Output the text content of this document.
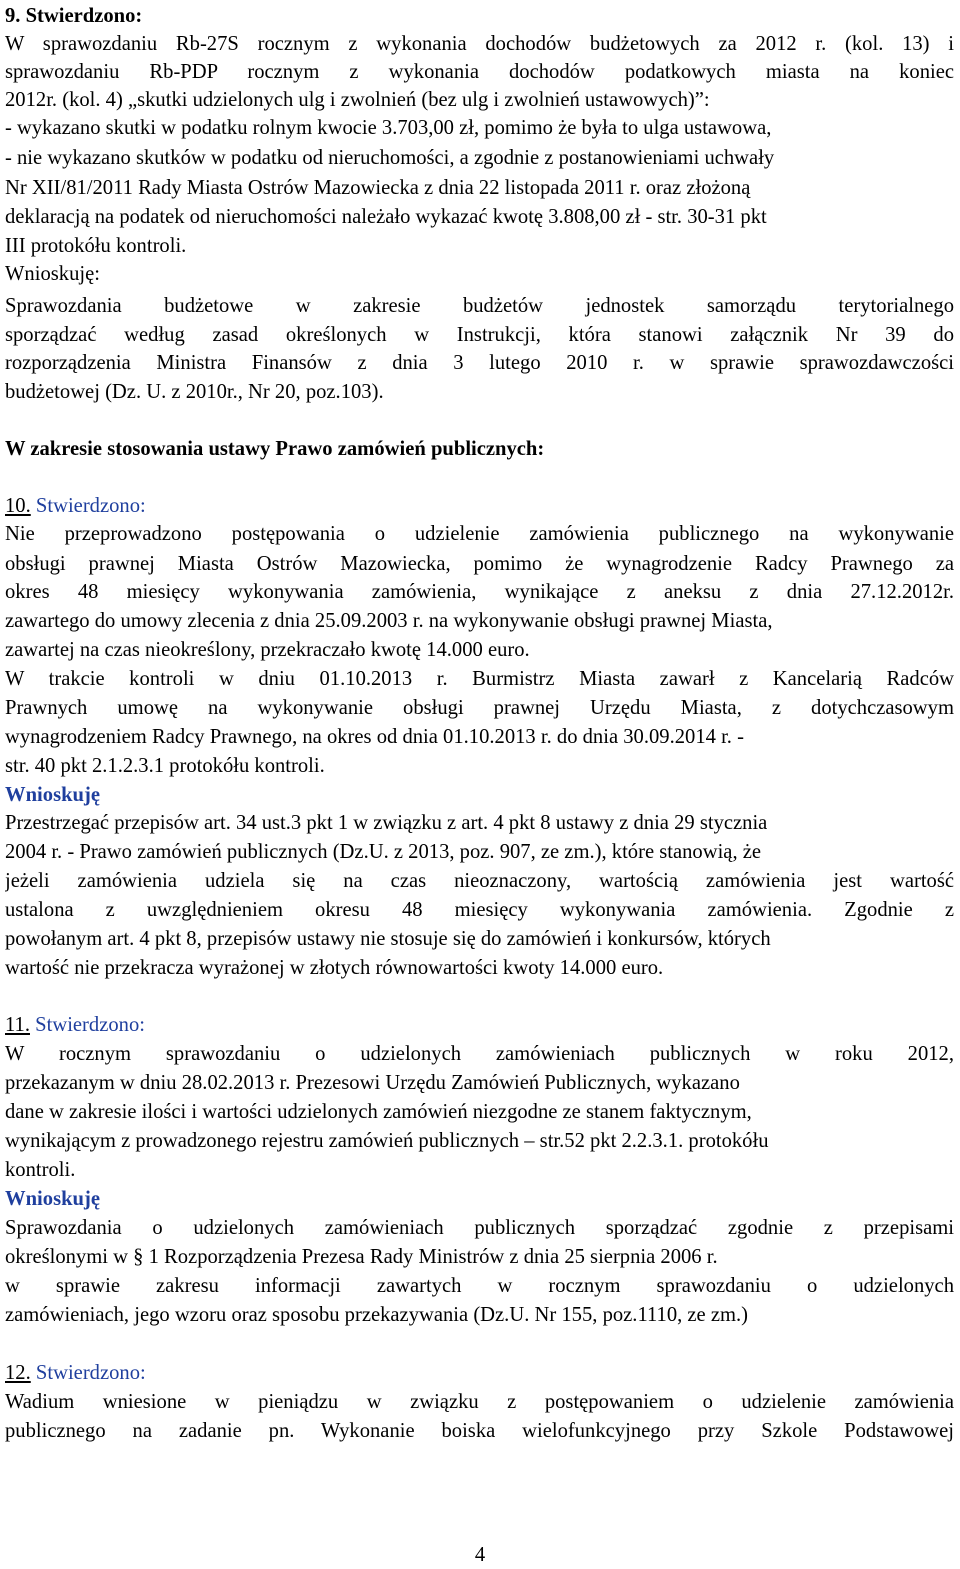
9. Stwierdzono:
W sprawozdaniu Rb-27S rocznym z wykonania dochodów budżetowych za 2012 r. (kol. 13) i
sprawozdaniu Rb-PDP rocznym z wykonania dochodów podatkowych miasta na koniec
2012r. (kol. 4) „skutki udzielonych ulg i zwolnień (bez ulg i zwolnień ustawowych)”:
- wykazano skutki w podatku rolnym kwocie 3.703,00 zł, pomimo że była to ulga ustawowa,
- nie wykazano skutków w podatku od nieruchomości, a zgodnie z postanowieniami uchwały
Nr XII/81/2011 Rady Miasta Ostrów Mazowiecka z dnia 22 listopada 2011 r. oraz złożoną
deklaracją na podatek od nieruchomości należało wykazać kwotę 3.808,00 zł - str. 30-31 pkt
III protokółu kontroli.
Wnioskuję:
Sprawozdania budżetowe w zakresie budżetów jednostek samorządu terytorialnego
sporządzać według zasad określonych w Instrukcji, która stanowi załącznik Nr 39 do
rozporządzenia Ministra Finansów z dnia 3 lutego 2010 r. w sprawie sprawozdawczości
budżetowej (Dz. U. z 2010r., Nr 20, poz.103).
W zakresie stosowania ustawy Prawo zamówień publicznych:
10. Stwierdzono:
Nie przeprowadzono postępowania o udzielenie zamówienia publicznego na wykonywanie
obsługi prawnej Miasta Ostrów Mazowiecka, pomimo że wynagrodzenie Radcy Prawnego za
okres 48 miesięcy wykonywania zamówienia, wynikające z aneksu z dnia 27.12.2012r.
zawartego do umowy zlecenia z dnia 25.09.2003 r. na wykonywanie obsługi prawnej Miasta,
zawartej na czas nieokreślony, przekraczało kwotę 14.000 euro.
W trakcie kontroli w dniu 01.10.2013 r. Burmistrz Miasta zawarł z Kancelarią Radców
Prawnych umowę na wykonywanie obsługi prawnej Urzędu Miasta, z dotychczasowym
wynagrodzeniem Radcy Prawnego, na okres od dnia 01.10.2013 r. do dnia 30.09.2014 r. -
str. 40 pkt 2.1.2.3.1 protokółu kontroli.
Wnioskuję
Przestrzegać przepisów art. 34 ust.3 pkt 1 w związku z art. 4 pkt 8 ustawy z dnia 29 stycznia
2004 r. - Prawo zamówień publicznych (Dz.U. z 2013, poz. 907, ze zm.), które stanowią, że
jeżeli zamówienia udziela się na czas nieoznaczony, wartością zamówienia jest wartość
ustalona z uwzględnieniem okresu 48 miesięcy wykonywania zamówienia. Zgodnie z
powołanym art. 4 pkt 8, przepisów ustawy nie stosuje się do zamówień i konkursów, których
wartość nie przekracza wyrażonej w złotych równowartości kwoty 14.000 euro.
11. Stwierdzono:
W rocznym sprawozdaniu o udzielonych zamówieniach publicznych w roku 2012,
przekazanym w dniu 28.02.2013 r. Prezesowi Urzędu Zamówień Publicznych, wykazano
dane w zakresie ilości i wartości udzielonych zamówień niezgodne ze stanem faktycznym,
wynikającym z prowadzonego rejestru zamówień publicznych – str.52 pkt 2.2.3.1. protokółu
kontroli.
Wnioskuję
Sprawozdania o udzielonych zamówieniach publicznych sporządzać zgodnie z przepisami
określonymi w § 1 Rozporządzenia Prezesa Rady Ministrów z dnia 25 sierpnia 2006 r.
w sprawie zakresu informacji zawartych w rocznym sprawozdaniu o udzielonych
zamówieniach, jego wzoru oraz sposobu przekazywania (Dz.U. Nr 155, poz.1110, ze zm.)
12. Stwierdzono:
Wadium wniesione w pieniądzu w związku z postępowaniem o udzielenie zamówienia
publicznego na zadanie pn. Wykonanie boiska wielofunkcyjnego przy Szkole Podstawowej
4
